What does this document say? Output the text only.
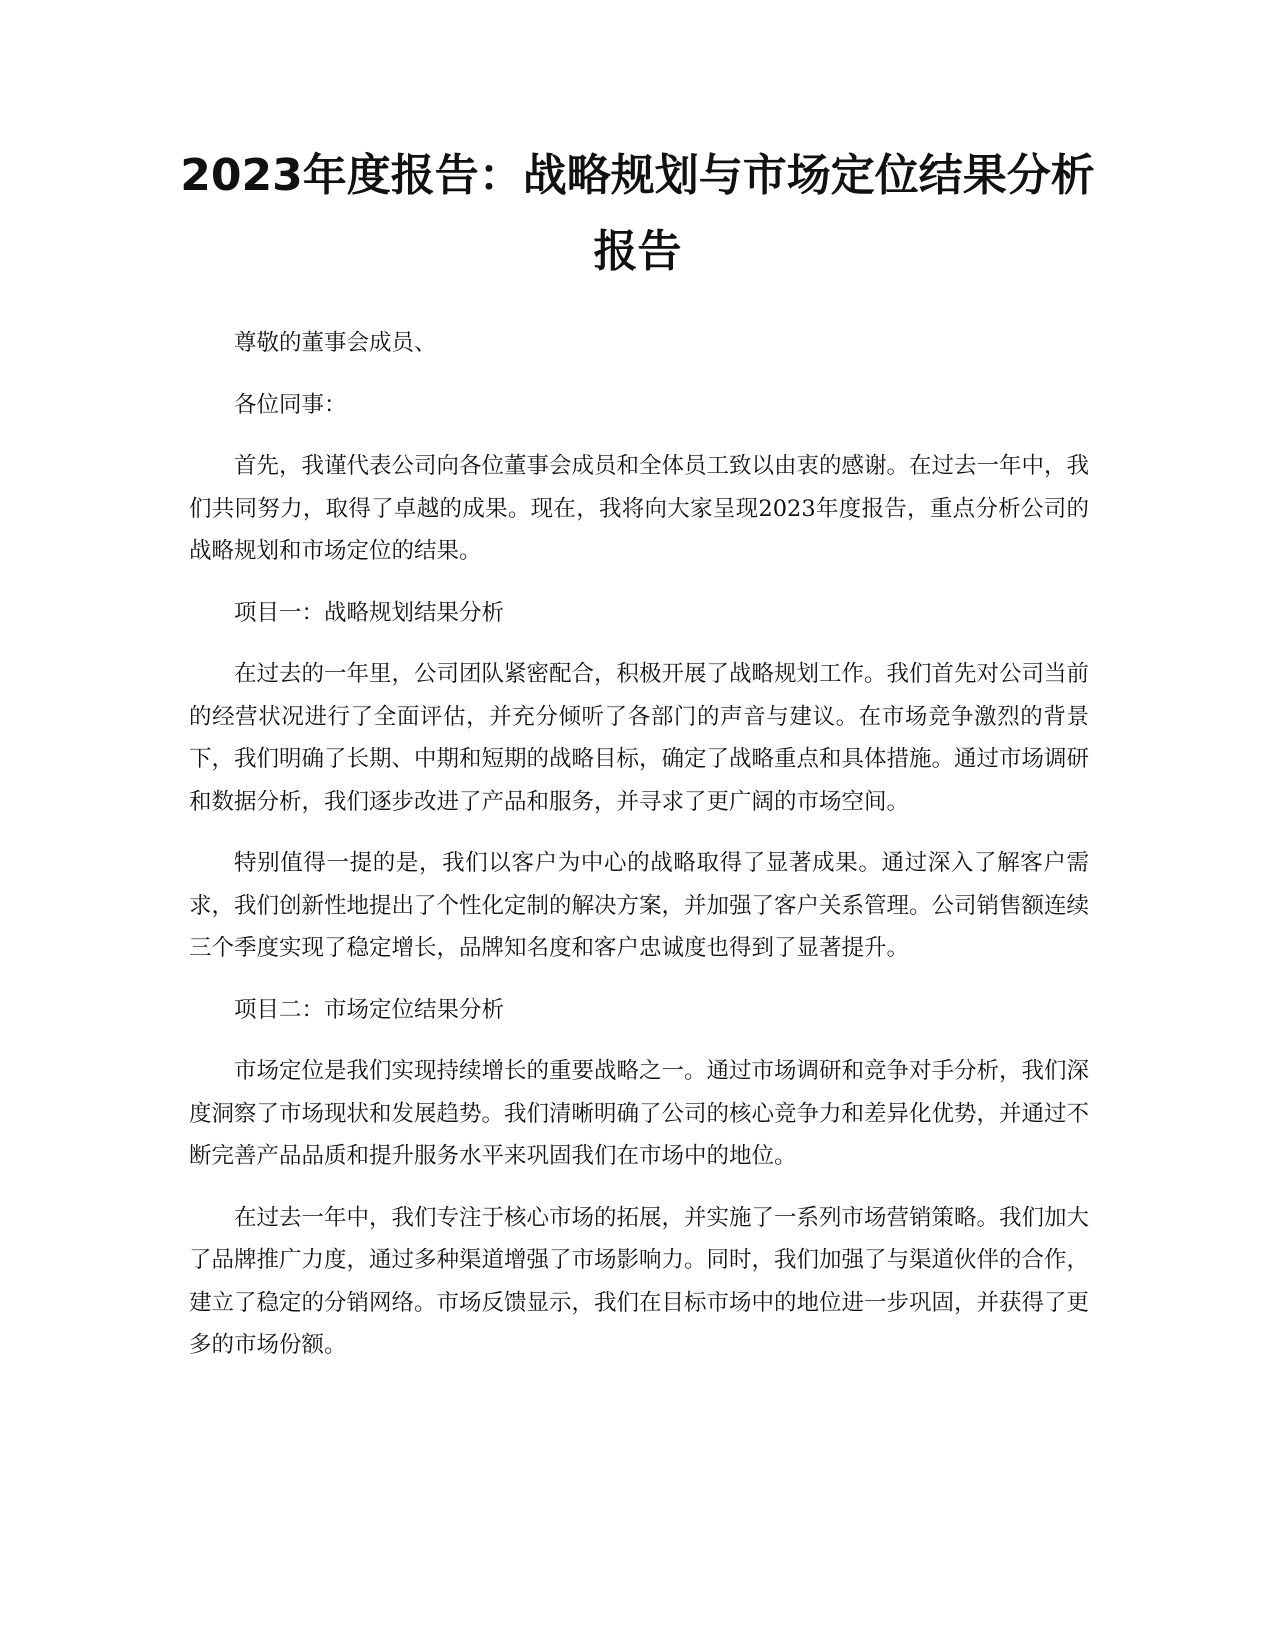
2023年度报告：战略规划与市场定位结果分析报告

尊敬的董事会成员、

各位同事：

首先，我谨代表公司向各位董事会成员和全体员工致以由衷的感谢。在过去一年中，我们共同努力，取得了卓越的成果。现在，我将向大家呈现2023年度报告，重点分析公司的战略规划和市场定位的结果。

项目一：战略规划结果分析

在过去的一年里，公司团队紧密配合，积极开展了战略规划工作。我们首先对公司当前的经营状况进行了全面评估，并充分倾听了各部门的声音与建议。在市场竞争激烈的背景下，我们明确了长期、中期和短期的战略目标，确定了战略重点和具体措施。通过市场调研和数据分析，我们逐步改进了产品和服务，并寻求了更广阔的市场空间。

特别值得一提的是，我们以客户为中心的战略取得了显著成果。通过深入了解客户需求，我们创新性地提出了个性化定制的解决方案，并加强了客户关系管理。公司销售额连续三个季度实现了稳定增长，品牌知名度和客户忠诚度也得到了显著提升。

项目二：市场定位结果分析

市场定位是我们实现持续增长的重要战略之一。通过市场调研和竞争对手分析，我们深度洞察了市场现状和发展趋势。我们清晰明确了公司的核心竞争力和差异化优势，并通过不断完善产品品质和提升服务水平来巩固我们在市场中的地位。

在过去一年中，我们专注于核心市场的拓展，并实施了一系列市场营销策略。我们加大了品牌推广力度，通过多种渠道增强了市场影响力。同时，我们加强了与渠道伙伴的合作，建立了稳定的分销网络。市场反馈显示，我们在目标市场中的地位进一步巩固，并获得了更多的市场份额。
